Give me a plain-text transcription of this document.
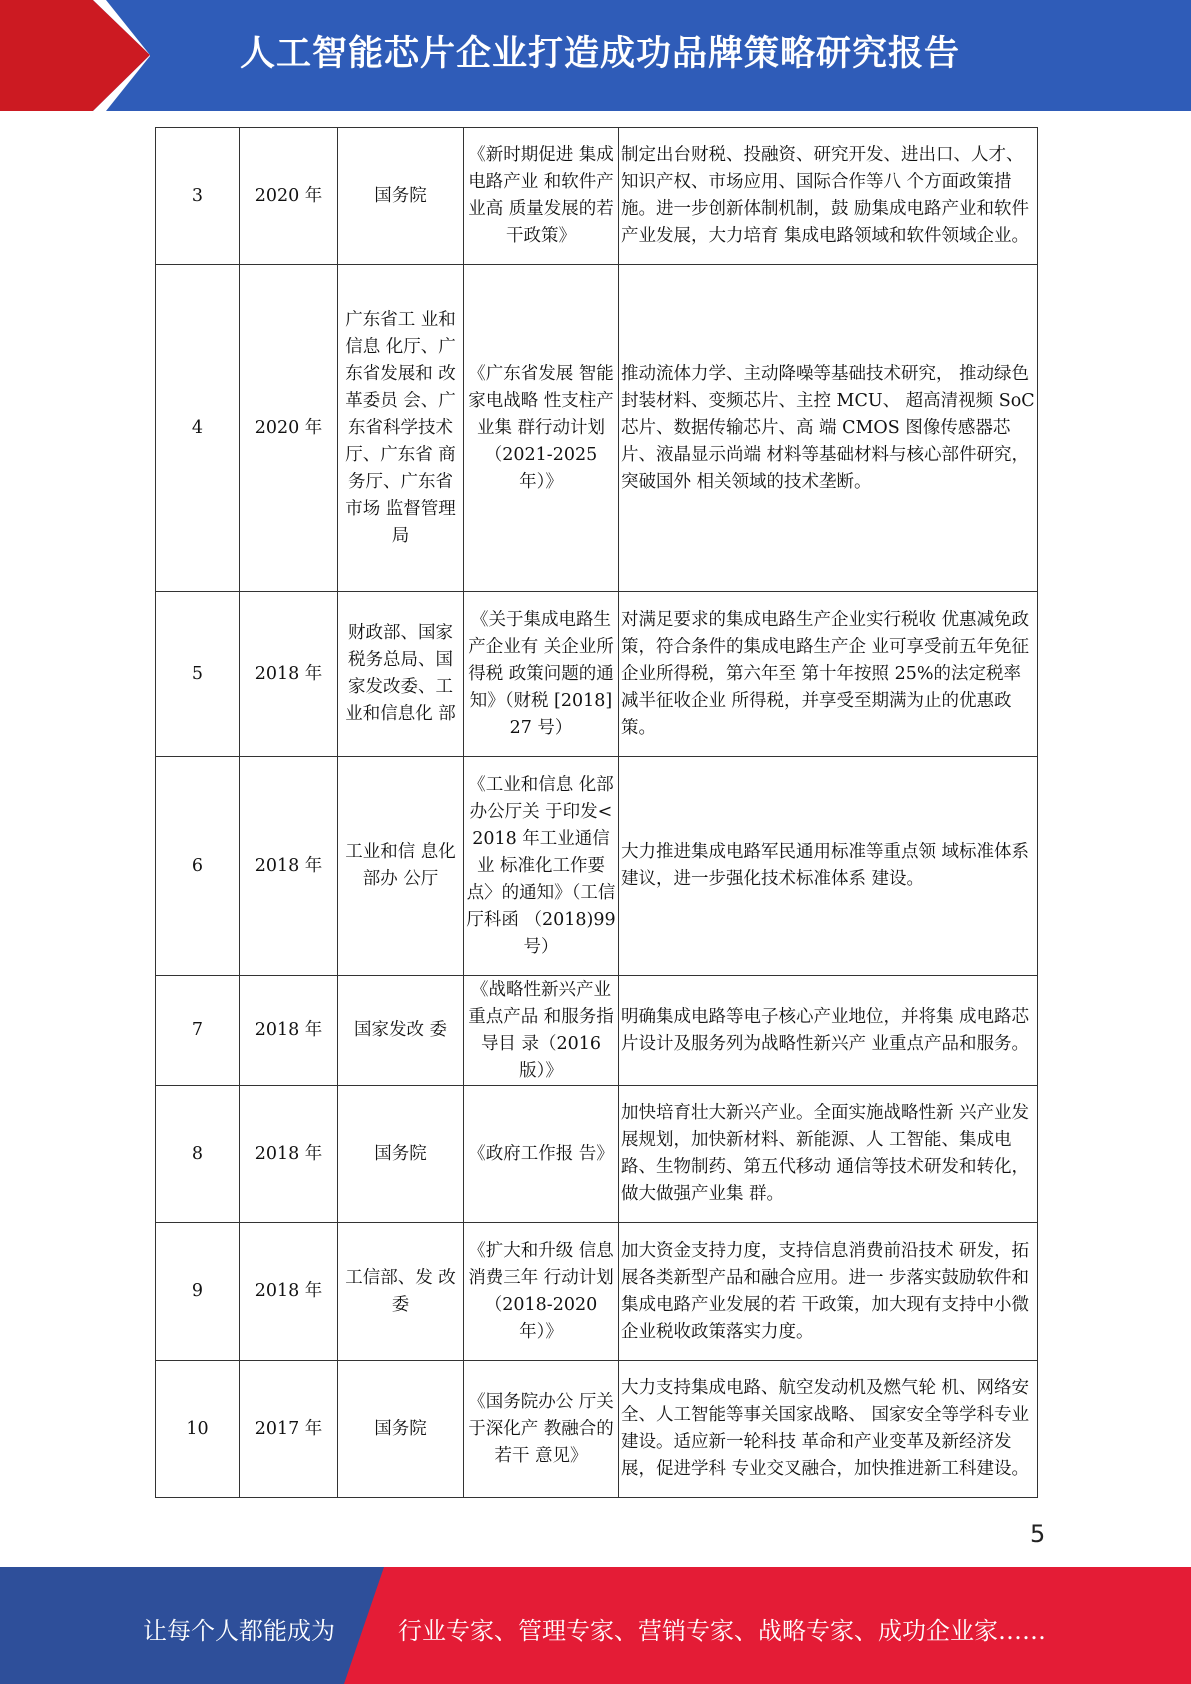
人工智能芯片企业打造成功品牌策略研究报告
3	2020 年	国务院	《新时期促进 集成电路产业 和软件产业高 质量发展的若 干政策》	制定出台财税、投融资、研究开发、进出口、人才、知识产权、市场应用、国际合作等八 个方面政策措施。进一步创新体制机制，鼓 励集成电路产业和软件产业发展，大力培育 集成电路领域和软件领域企业。
4	2020 年	广东省工 业和信息 化厅、广东省发展和 改革委员 会、广东省科学技术 厅、广东省 商务厅、广东省市场 监督管理 局	《广东省发展 智能家电战略 性支柱产业集 群行动计划（2021-2025 年）》	推动流体力学、主动降噪等基础技术研究， 推动绿色封装材料、变频芯片、主控 MCU、 超高清视频 SoC 芯片、数据传输芯片、高 端 CMOS 图像传感器芯片、液晶显示尚端 材料等基础材料与核心部件研究，突破国外 相关领域的技术垄断。
5	2018 年	财政部、国家税务总局、国家发改委、工业和信息化 部	《关于集成电路生产企业有 关企业所得税 政策问题的通 知》（财税 [2018]27 号）	对满足要求的集成电路生产企业实行税收 优惠减免政策，符合条件的集成电路生产企 业可享受前五年免征企业所得税，第六年至 第十年按照 25%的法定税率减半征收企业 所得税，并享受至期满为止的优惠政策。
6	2018 年	工业和信 息化部办 公厅	《工业和信息 化部办公厅关 于印发<2018 年工业通信业 标准化工作要 点〉的通知》（工信厅科函 （2018)99 号）	大力推进集成电路军民通用标准等重点领 域标准体系建议，进一步强化技术标准体系 建设。
7	2018 年	国家发改 委	《战略性新兴产业重点产品 和服务指导目 录（2016 版）》	明确集成电路等电子核心产业地位，并将集 成电路芯片设计及服务列为战略性新兴产 业重点产品和服务。
8	2018 年	国务院	《政府工作报 告》	加快培育壮大新兴产业。全面实施战略性新 兴产业发展规划，加快新材料、新能源、人 工智能、集成电路、生物制药、第五代移动 通信等技术研发和转化，做大做强产业集 群。
9	2018 年	工信部、发 改委	《扩大和升级 信息消费三年 行动计划（2018-2020 年）》	加大资金支持力度，支持信息消费前沿技术 研发，拓展各类新型产品和融合应用。进一 步落实鼓励软件和集成电路产业发展的若 干政策，加大现有支持中小微企业税收政策落实力度。
10	2017 年	国务院	《国务院办公 厅关于深化产 教融合的若干 意见》	大力支持集成电路、航空发动机及燃气轮 机、网络安全、人工智能等事关国家战略、 国家安全等学科专业建设。适应新一轮科技 革命和产业变革及新经济发展，促进学科 专业交叉融合，加快推进新工科建设。
5
让每个人都能成为	行业专家、管理专家、营销专家、战略专家、成功企业家……
